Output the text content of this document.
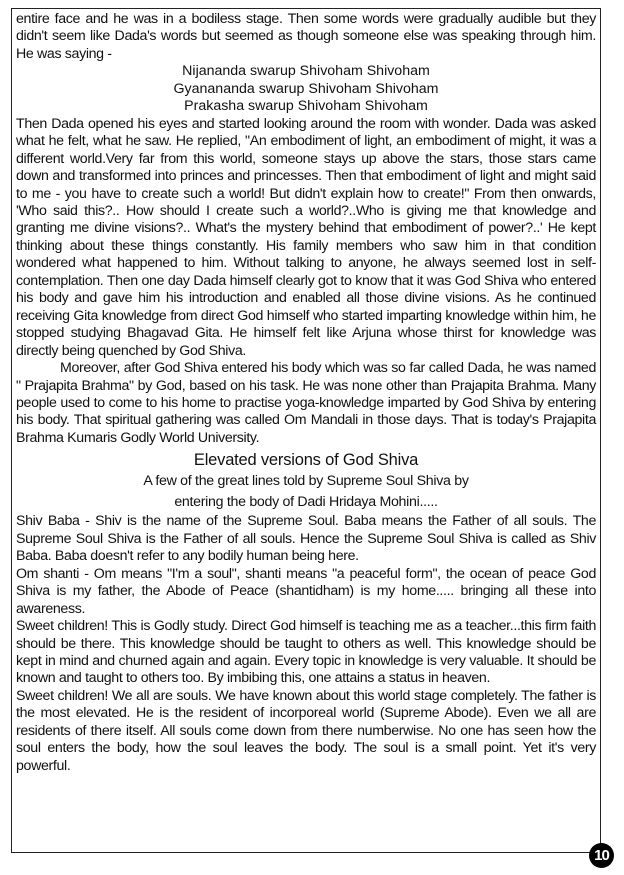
entire face and he was in a bodiless stage. Then some words were gradually audible but they didn't seem like Dada's words but seemed as though someone else was speaking through him. He was saying -

Nijananda swarup Shivoham Shivoham
Gyanananda swarup Shivoham Shivoham
Prakasha swarup Shivoham Shivoham

Then Dada opened his eyes and started looking around the room with wonder. Dada was asked what he felt, what he saw. He replied, "An embodiment of light, an embodiment of might, it was a different world.Very far from this world, someone stays up above the stars, those stars came down and transformed into princes and princesses. Then that embodiment of light and might said to me - you have to create such a world! But didn't explain how to create!" From then onwards, 'Who said this?.. How should I create such a world?..Who is giving me that knowledge and granting me divine visions?.. What's the mystery behind that embodiment of power?..' He kept thinking about these things constantly. His family members who saw him in that condition wondered what happened to him. Without talking to anyone, he always seemed lost in self-contemplation. Then one day Dada himself clearly got to know that it was God Shiva who entered his body and gave him his introduction and enabled all those divine visions. As he continued receiving Gita knowledge from direct God himself who started imparting knowledge within him, he stopped studying Bhagavad Gita. He himself felt like Arjuna whose thirst for knowledge was directly being quenched by God Shiva.

Moreover, after God Shiva entered his body which was so far called Dada, he was named " Prajapita Brahma" by God, based on his task. He was none other than Prajapita Brahma. Many people used to come to his home to practise yoga-knowledge imparted by God Shiva by entering his body. That spiritual gathering was called Om Mandali in those days. That is today's Prajapita Brahma Kumaris Godly World University.

Elevated versions of God Shiva
A few of the great lines told by Supreme Soul Shiva by
entering the body of Dadi Hridaya Mohini.....

Shiv Baba - Shiv is the name of the Supreme Soul. Baba means the Father of all souls. The Supreme Soul Shiva is the Father of all souls. Hence the Supreme Soul Shiva is called as Shiv Baba. Baba doesn't refer to any bodily human being here.

Om shanti - Om means "I'm a soul", shanti means "a peaceful form", the ocean of peace God Shiva is my father, the Abode of Peace (shantidham) is my home..... bringing all these into awareness.

Sweet children! This is Godly study. Direct God himself is teaching me as a teacher...this firm faith should be there. This knowledge should be taught to others as well. This knowledge should be kept in mind and churned again and again. Every topic in knowledge is very valuable. It should be known and taught to others too. By imbibing this, one attains a status in heaven.

Sweet children! We all are souls. We have known about this world stage completely. The father is the most elevated. He is the resident of incorporeal world (Supreme Abode). Even we all are residents of there itself. All souls come down from there numberwise. No one has seen how the soul enters the body, how the soul leaves the body. The soul is a small point. Yet it's very powerful.

10
